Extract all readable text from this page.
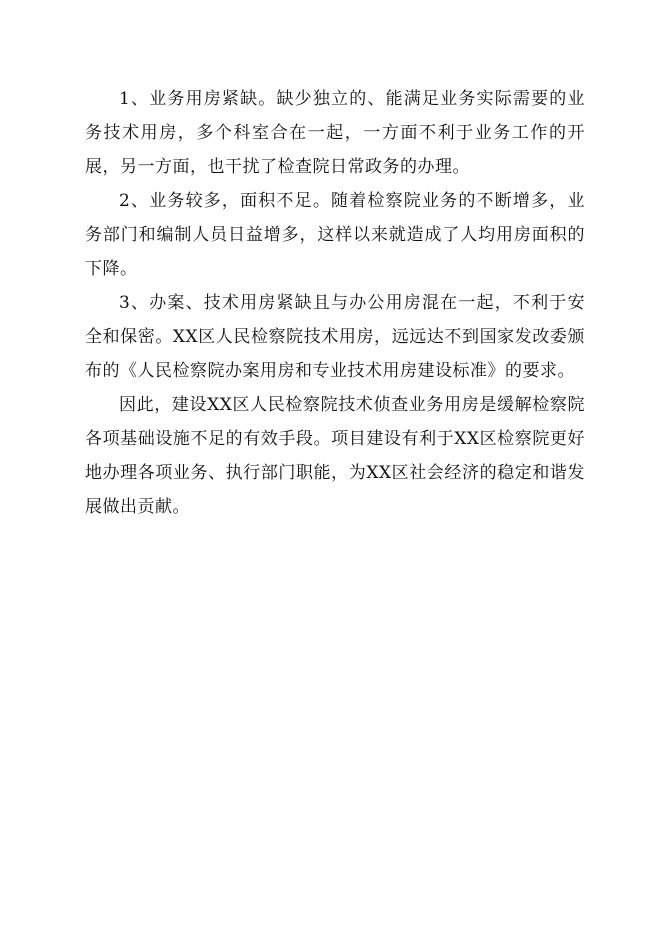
1、业务用房紧缺。缺少独立的、能满足业务实际需要的业务技术用房，多个科室合在一起，一方面不利于业务工作的开展，另一方面，也干扰了检查院日常政务的办理。

2、业务较多，面积不足。随着检察院业务的不断增多，业务部门和编制人员日益增多，这样以来就造成了人均用房面积的下降。

3、办案、技术用房紧缺且与办公用房混在一起，不利于安全和保密。XX区人民检察院技术用房，远远达不到国家发改委颁布的《人民检察院办案用房和专业技术用房建设标准》的要求。

因此，建设XX区人民检察院技术侦查业务用房是缓解检察院各项基础设施不足的有效手段。项目建设有利于XX区检察院更好地办理各项业务、执行部门职能，为XX区社会经济的稳定和谐发展做出贡献。
